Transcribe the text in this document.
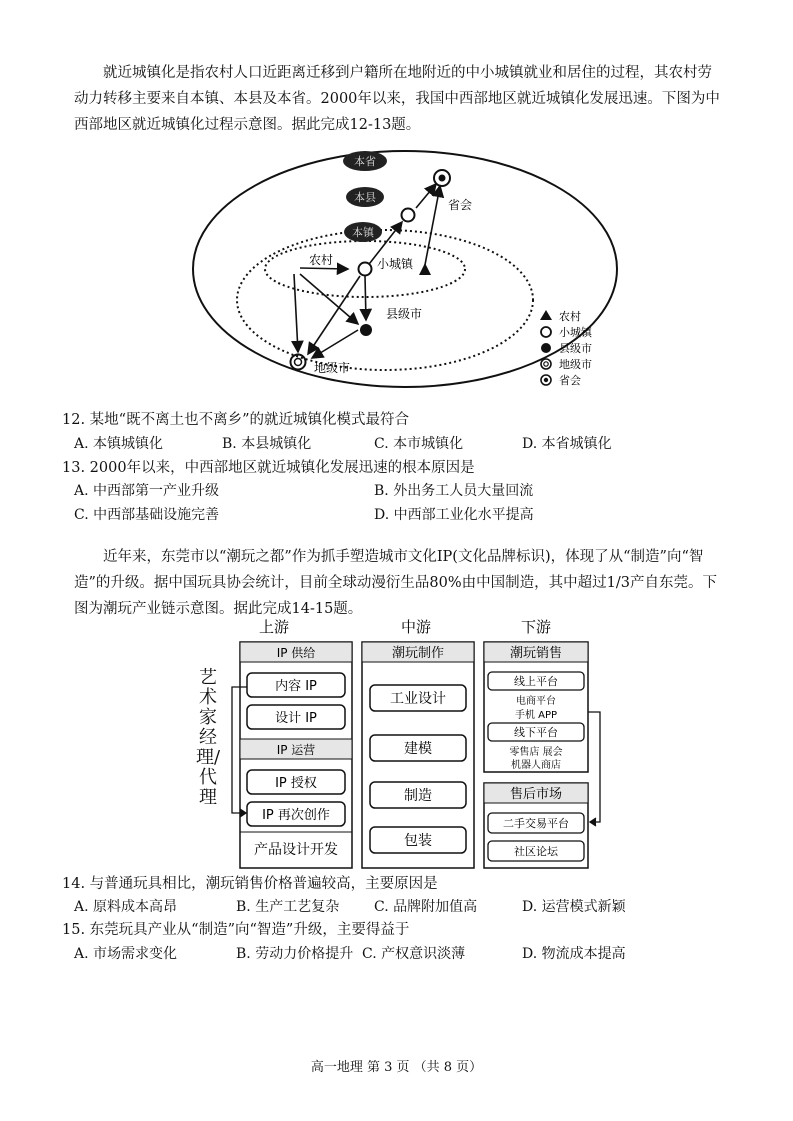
就近城镇化是指农村人口近距离迁移到户籍所在地附近的中小城镇就业和居住的过程，其农村劳动力转移主要来自本镇、本县及本省。2000年以来，我国中西部地区就近城镇化发展迅速。下图为中西部地区就近城镇化过程示意图。据此完成12-13题。
本省
本县
本镇
省会
农村	小城镇
县级市
地级市
农村
小城镇
县级市
地级市
省会
12. 某地“既不离土也不离乡”的就近城镇化模式最符合
A. 本镇城镇化	B. 本县城镇化	C. 本市城镇化	D. 本省城镇化
13. 2000年以来，中西部地区就近城镇化发展迅速的根本原因是
A. 中西部第一产业升级	B. 外出务工人员大量回流
C. 中西部基础设施完善	D. 中西部工业化水平提高
近年来，东莞市以“潮玩之都”作为抓手塑造城市文化IP(文化品牌标识)，体现了从“制造”向“智造”的升级。据中国玩具协会统计，目前全球动漫衍生品80%由中国制造，其中超过1/3产自东莞。下图为潮玩产业链示意图。据此完成14-15题。
上游	中游	下游
IP 供给
内容 IP
设计 IP
IP 运营
IP 授权
IP 再次创作
产品设计开发
潮玩制作
工业设计
建模
制造
包装
潮玩销售
线上平台
电商平台
手机 APP
线下平台
零售店 展会
机器人商店
售后市场
二手交易平台
社区论坛
艺术家经理/代理
14. 与普通玩具相比，潮玩销售价格普遍较高，主要原因是
A. 原料成本高昂	B. 生产工艺复杂 C. 品牌附加值高	D. 运营模式新颖
15. 东莞玩具产业从“制造”向“智造”升级，主要得益于
A. 市场需求变化	B. 劳动力价格提升 C. 产权意识淡薄	D. 物流成本提高
高一地理 第 3 页 （共 8 页）
